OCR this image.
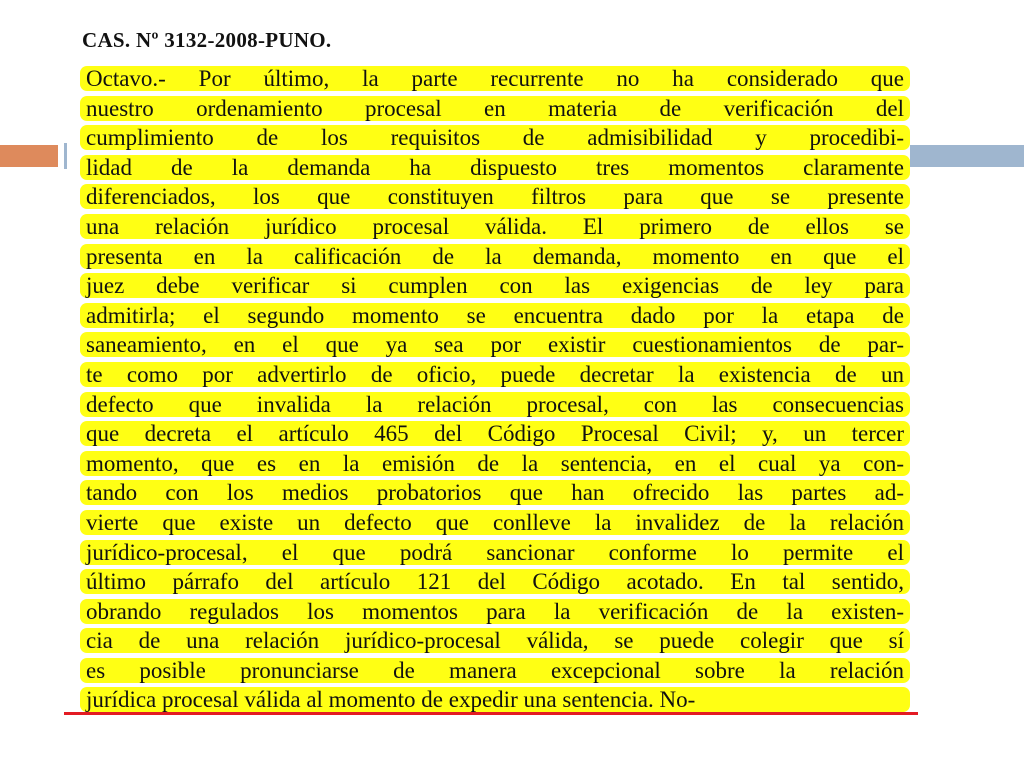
CAS. Nº 3132-2008-PUNO.
Octavo.- Por último, la parte recurrente no ha considerado que
nuestro ordenamiento procesal en materia de verificación del
cumplimiento de los requisitos de admisibilidad y procedibi-
lidad de la demanda ha dispuesto tres momentos claramente
diferenciados, los que constituyen filtros para que se presente
una relación jurídico procesal válida. El primero de ellos se
presenta en la calificación de la demanda, momento en que el
juez debe verificar si cumplen con las exigencias de ley para
admitirla; el segundo momento se encuentra dado por la etapa de
saneamiento, en el que ya sea por existir cuestionamientos de par-
te como por advertirlo de oficio, puede decretar la existencia de un
defecto que invalida la relación procesal, con las consecuencias
que decreta el artículo 465 del Código Procesal Civil; y, un tercer
momento, que es en la emisión de la sentencia, en el cual ya con-
tando con los medios probatorios que han ofrecido las partes ad-
vierte que existe un defecto que conlleve la invalidez de la relación
jurídico-procesal, el que podrá sancionar conforme lo permite el
último párrafo del artículo 121 del Código acotado. En tal sentido,
obrando regulados los momentos para la verificación de la existen-
cia de una relación jurídico-procesal válida, se puede colegir que sí
es posible pronunciarse de manera excepcional sobre la relación
jurídica procesal válida al momento de expedir una sentencia. No-
